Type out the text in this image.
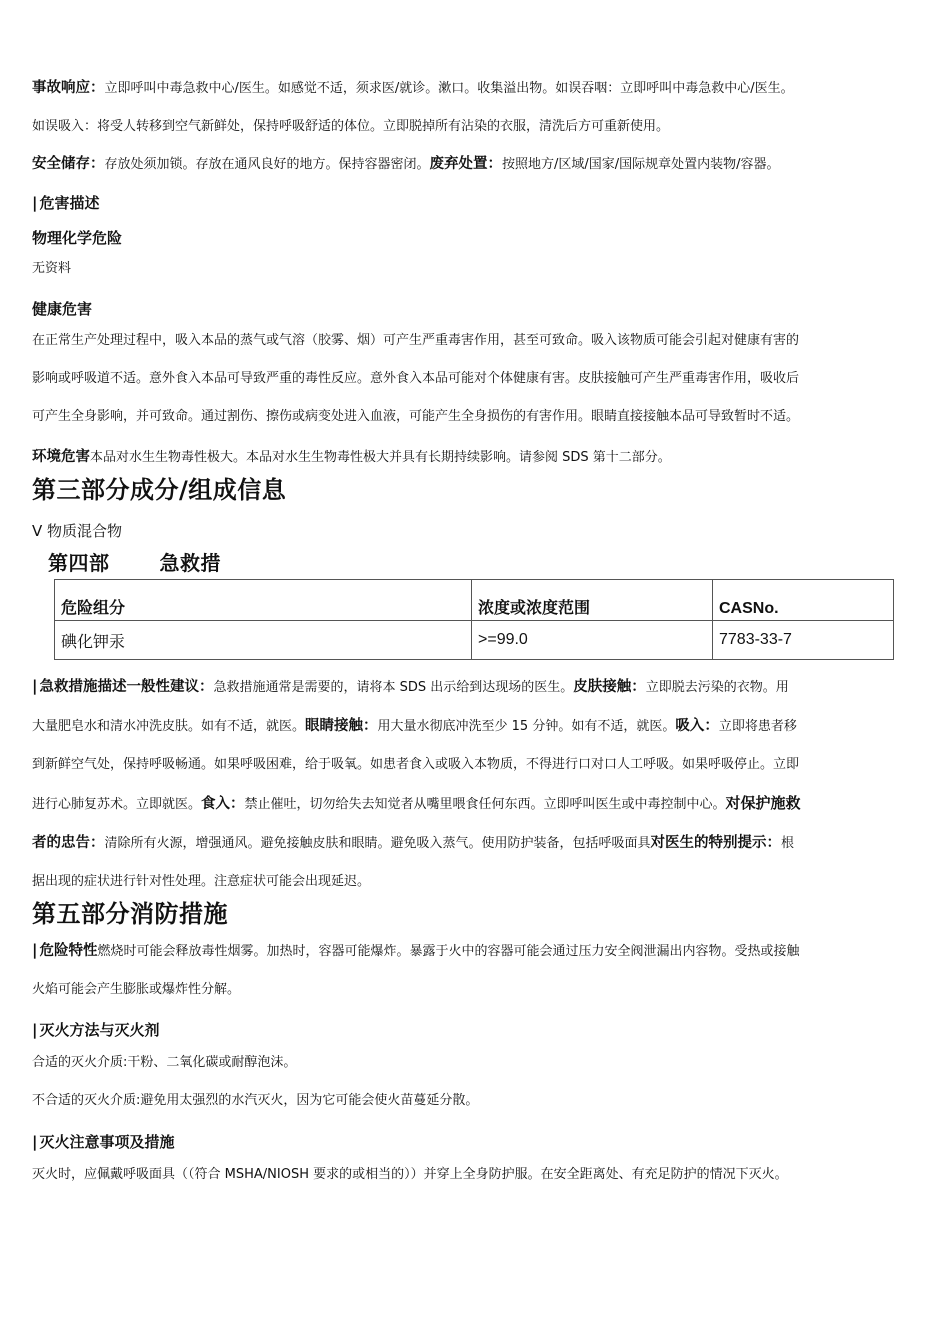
事故响应：立即呼叫中毒急救中心/医生。如感觉不适，须求医/就诊。漱口。收集溢出物。如误吞咽：立即呼叫中毒急救中心/医生。

如误吸入：将受人转移到空气新鲜处，保持呼吸舒适的体位。立即脱掉所有沾染的衣服，清洗后方可重新使用。

安全储存：存放处须加锁。存放在通风良好的地方。保持容器密闭。废弃处置：按照地方/区域/国家/国际规章处置内装物/容器。

| 危害描述

物理化学危险

无资料

健康危害

在正常生产处理过程中，吸入本品的蒸气或气溶（胶雾、烟）可产生严重毒害作用，甚至可致命。吸入该物质可能会引起对健康有害的

影响或呼吸道不适。意外食入本品可导致严重的毒性反应。意外食入本品可能对个体健康有害。皮肤接触可产生严重毒害作用，吸收后

可产生全身影响，并可致命。通过割伤、擦伤或病变处进入血液，可能产生全身损伤的有害作用。眼睛直接接触本品可导致暂时不适。

环境危害本品对水生生物毒性极大。本品对水生生物毒性极大并具有长期持续影响。请参阅 SDS 第十二部分。

第三部分成分/组成信息

V 物质混合物

第四部	急救措

危险组分	浓度或浓度范围	CASNo.
碘化钾汞	>=99.0	7783-33-7

| 急救措施描述一般性建议：急救措施通常是需要的，请将本 SDS 出示给到达现场的医生。皮肤接触：立即脱去污染的衣物。用

大量肥皂水和清水冲洗皮肤。如有不适，就医。眼睛接触：用大量水彻底冲洗至少 15 分钟。如有不适，就医。吸入：立即将患者移

到新鲜空气处，保持呼吸畅通。如果呼吸困难，给于吸氧。如患者食入或吸入本物质，不得进行口对口人工呼吸。如果呼吸停止。立即

进行心肺复苏术。立即就医。食入：禁止催吐，切勿给失去知觉者从嘴里喂食任何东西。立即呼叫医生或中毒控制中心。对保护施救

者的忠告：清除所有火源，增强通风。避免接触皮肤和眼睛。避免吸入蒸气。使用防护装备，包括呼吸面具对医生的特别提示：根

据出现的症状进行针对性处理。注意症状可能会出现延迟。

第五部分消防措施

| 危险特性燃烧时可能会释放毒性烟雾。加热时，容器可能爆炸。暴露于火中的容器可能会通过压力安全阀泄漏出内容物。受热或接触

火焰可能会产生膨胀或爆炸性分解。

| 灭火方法与灭火剂

合适的灭火介质:干粉、二氧化碳或耐醇泡沫。

不合适的灭火介质:避免用太强烈的水汽灭火，因为它可能会使火苗蔓延分散。

| 灭火注意事项及措施

灭火时，应佩戴呼吸面具（（符合 MSHA/NIOSH 要求的或相当的））并穿上全身防护服。在安全距离处、有充足防护的情况下灭火。
